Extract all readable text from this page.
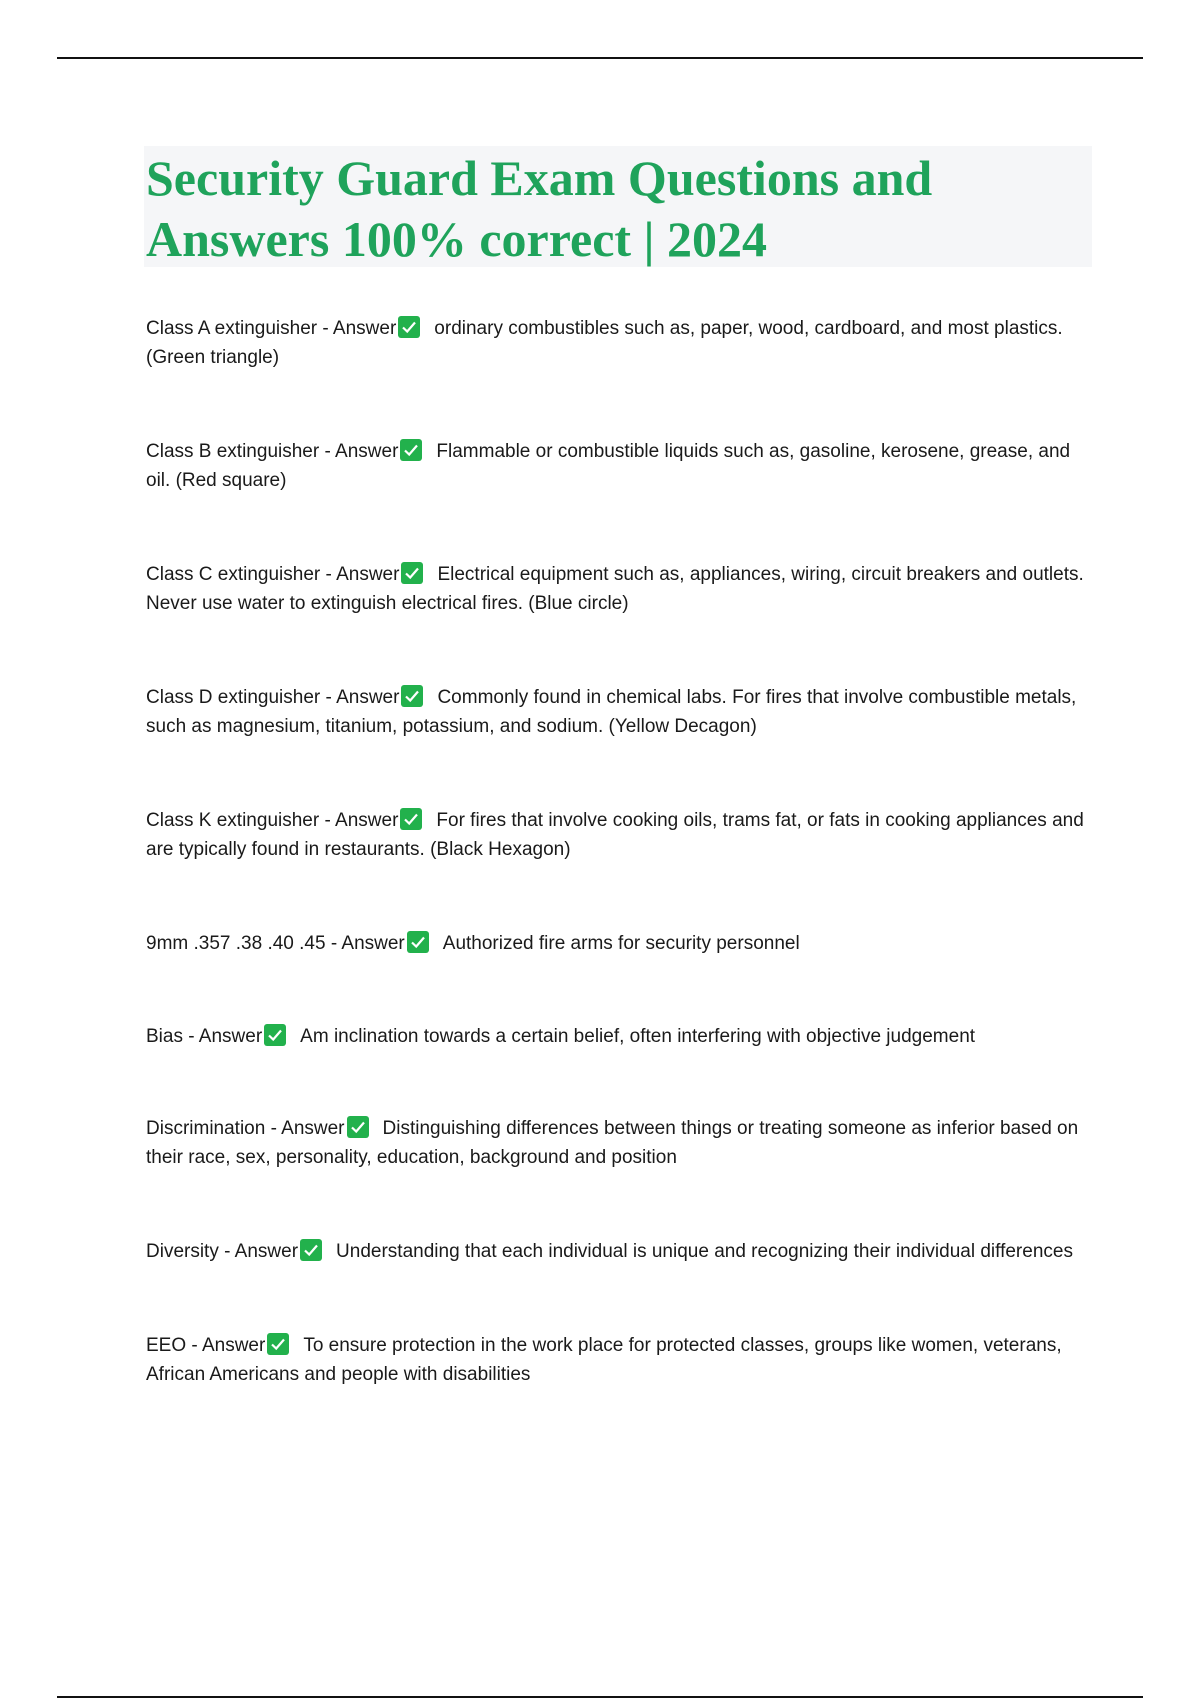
Security Guard Exam Questions and Answers 100% correct | 2024

Class A extinguisher - Answer ordinary combustibles such as, paper, wood, cardboard, and most plastics. (Green triangle)

Class B extinguisher - Answer Flammable or combustible liquids such as, gasoline, kerosene, grease, and oil. (Red square)

Class C extinguisher - Answer Electrical equipment such as, appliances, wiring, circuit breakers and outlets. Never use water to extinguish electrical fires. (Blue circle)

Class D extinguisher - Answer Commonly found in chemical labs. For fires that involve combustible metals, such as magnesium, titanium, potassium, and sodium. (Yellow Decagon)

Class K extinguisher - Answer For fires that involve cooking oils, trams fat, or fats in cooking appliances and are typically found in restaurants. (Black Hexagon)

9mm .357 .38 .40 .45 - Answer Authorized fire arms for security personnel

Bias - Answer Am inclination towards a certain belief, often interfering with objective judgement

Discrimination - Answer Distinguishing differences between things or treating someone as inferior based on their race, sex, personality, education, background and position

Diversity - Answer Understanding that each individual is unique and recognizing their individual differences

EEO - Answer To ensure protection in the work place for protected classes, groups like women, veterans, African Americans and people with disabilities
